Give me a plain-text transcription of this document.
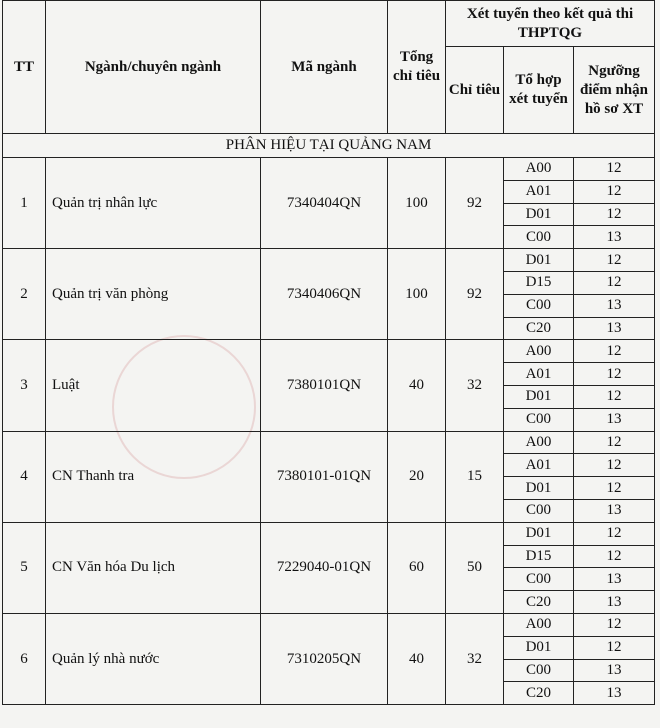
TT	Ngành/chuyên ngành	Mã ngành	Tổng chỉ tiêu	Xét tuyển theo kết quả thi THPTQG		
				Chỉ tiêu	Tổ hợp xét tuyển	Ngưỡng điểm nhận hồ sơ XT
PHÂN HIỆU TẠI QUẢNG NAM						
1	Quản trị nhân lực	7340404QN	100	92	A00	12
					A01	12
					D01	12
					C00	13
2	Quản trị văn phòng	7340406QN	100	92	D01	12
					D15	12
					C00	13
					C20	13
3	Luật	7380101QN	40	32	A00	12
					A01	12
					D01	12
					C00	13
4	CN Thanh tra	7380101-01QN	20	15	A00	12
					A01	12
					D01	12
					C00	13
5	CN Văn hóa Du lịch	7229040-01QN	60	50	D01	12
					D15	12
					C00	13
					C20	13
6	Quản lý nhà nước	7310205QN	40	32	A00	12
					D01	12
					C00	13
					C20	13
